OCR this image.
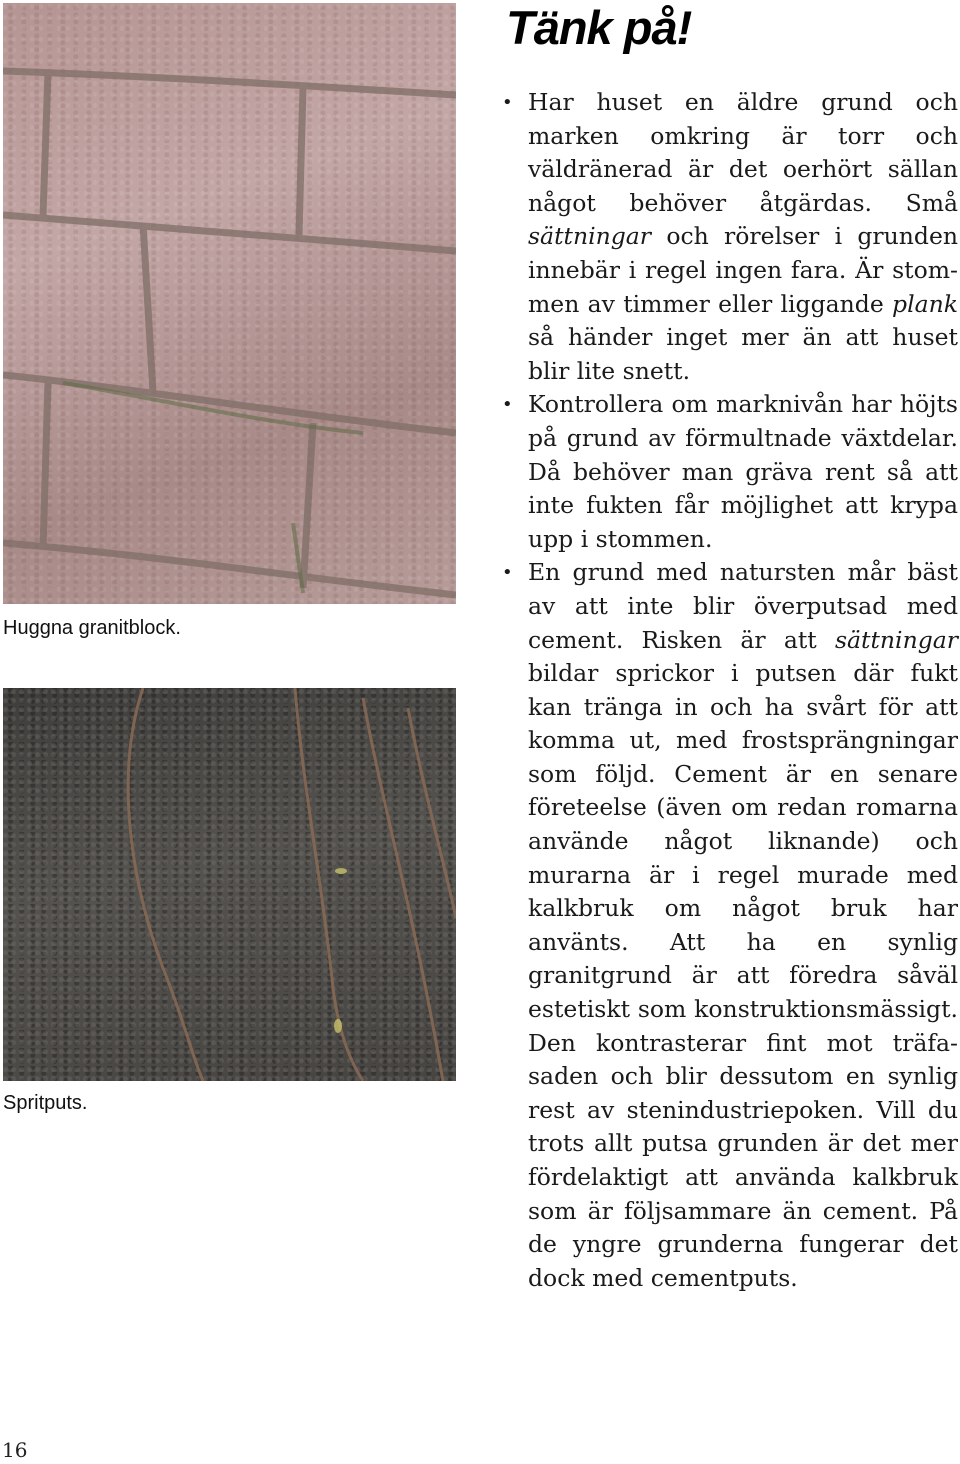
Huggna granitblock.
Spritputs.
Tänk på!
• Har huset en äldre grund och marken omkring är torr och väldränerad är det oerhört sällan något behöver åtgärdas. Små sättningar och rörelser i grunden innebär i regel ingen fara. Är stommen av timmer eller liggande plank så händer inget mer än att huset blir lite snett.
• Kontrollera om marknivån har höjts på grund av förmultnade växtdelar. Då behöver man gräva rent så att inte fukten får möjlighet att krypa upp i stommen.
• En grund med natursten mår bäst av att inte blir överputsad med cement. Risken är att sättningar bildar sprickor i putsen där fukt kan tränga in och ha svårt för att komma ut, med frostsprängningar som följd. Cement är en senare företeelse (även om redan romarna använde något liknande) och murarna är i regel murade med kalkbruk om något bruk har använts. Att ha en synlig granitgrund är att föredra såväl estetiskt som konstruktionsmässigt. Den kontrasterar fint mot träfasaden och blir dessutom en synlig rest av stenindustriepoken. Vill du trots allt putsa grunden är det mer fördelaktigt att använda kalkbruk som är följsammare än cement. På de yngre grunderna fungerar det dock med cementputs.
16
